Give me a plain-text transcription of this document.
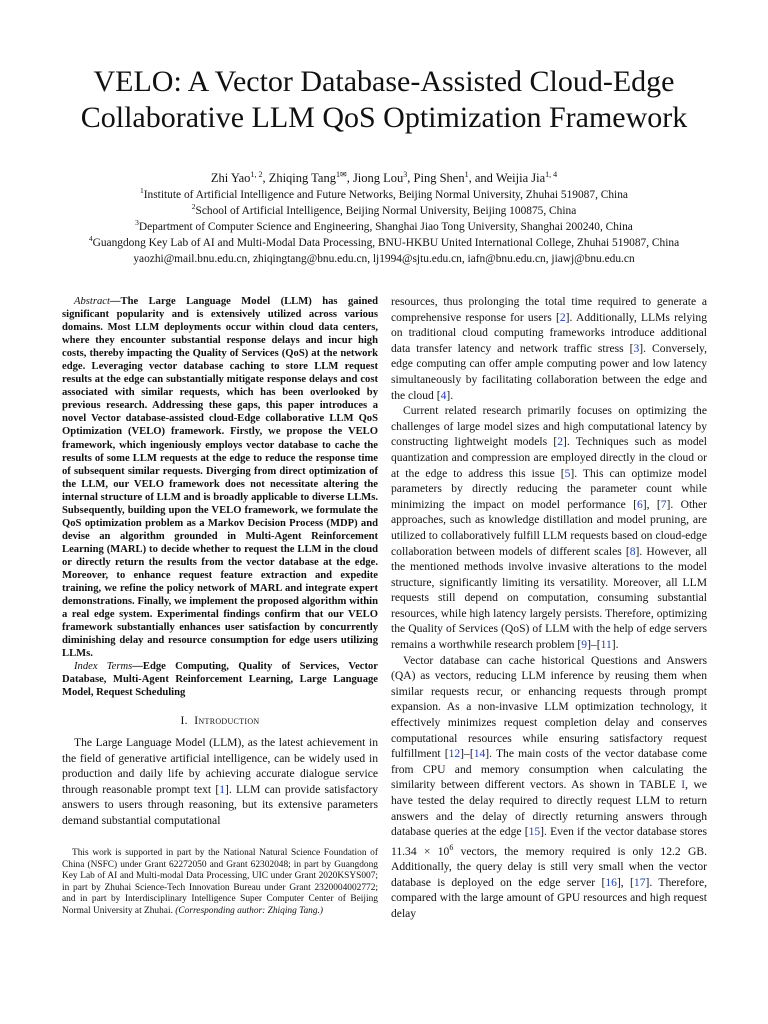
VELO: A Vector Database-Assisted Cloud-Edge
Collaborative LLM QoS Optimization Framework
Zhi Yao$^{1, 2}$, Zhiqing Tang$^{1✉}$, Jiong Lou$^3$, Ping Shen$^1$, and Weijia Jia$^{1, 4}$
$^1$Institute of Artificial Intelligence and Future Networks, Beijing Normal University, Zhuhai 519087, China
$^2$School of Artificial Intelligence, Beijing Normal University, Beijing 100875, China
$^3$Department of Computer Science and Engineering, Shanghai Jiao Tong University, Shanghai 200240, China
$^4$Guangdong Key Lab of AI and Multi-Modal Data Processing, BNU-HKBU United International College, Zhuhai 519087, China
yaozhi@mail.bnu.edu.cn, zhiqingtang@bnu.edu.cn, lj1994@sjtu.edu.cn, iafn@bnu.edu.cn, jiawj@bnu.edu.cn

Abstract—The Large Language Model (LLM) has gained significant popularity and is extensively utilized across various domains. Most LLM deployments occur within cloud data centers, where they encounter substantial response delays and incur high costs, thereby impacting the Quality of Services (QoS) at the network edge. Leveraging vector database caching to store LLM request results at the edge can substantially mitigate response delays and cost associated with similar requests, which has been overlooked by previous research. Addressing these gaps, this paper introduces a novel Vector database-assisted cloud-Edge collaborative LLM QoS Optimization (VELO) framework. Firstly, we propose the VELO framework, which ingeniously employs vector database to cache the results of some LLM requests at the edge to reduce the response time of subsequent similar requests. Diverging from direct optimization of the LLM, our VELO framework does not necessitate altering the internal structure of LLM and is broadly applicable to diverse LLMs. Subsequently, building upon the VELO framework, we formulate the QoS optimization problem as a Markov Decision Process (MDP) and devise an algorithm grounded in Multi-Agent Reinforcement Learning (MARL) to decide whether to request the LLM in the cloud or directly return the results from the vector database at the edge. Moreover, to enhance request feature extraction and expedite training, we refine the policy network of MARL and integrate expert demonstrations. Finally, we implement the proposed algorithm within a real edge system. Experimental findings confirm that our VELO framework substantially enhances user satisfaction by concurrently diminishing delay and resource consumption for edge users utilizing LLMs.

Index Terms—Edge Computing, Quality of Services, Vector Database, Multi-Agent Reinforcement Learning, Large Language Model, Request Scheduling

I. Introduction

The Large Language Model (LLM), as the latest achievement in the field of generative artificial intelligence, can be widely used in production and daily life by achieving accurate dialogue service through reasonable prompt text [1]. LLM can provide satisfactory answers to users through reasoning, but its extensive parameters demand substantial computational

This work is supported in part by the National Natural Science Foundation of China (NSFC) under Grant 62272050 and Grant 62302048; in part by Guangdong Key Lab of AI and Multi-modal Data Processing, UIC under Grant 2020KSYS007; in part by Zhuhai Science-Tech Innovation Bureau under Grant 2320004002772; and in part by Interdisciplinary Intelligence Super Computer Center of Beijing Normal University at Zhuhai. (Corresponding author: Zhiqing Tang.)

resources, thus prolonging the total time required to generate a comprehensive response for users [2]. Additionally, LLMs relying on traditional cloud computing frameworks introduce additional data transfer latency and network traffic stress [3]. Conversely, edge computing can offer ample computing power and low latency simultaneously by facilitating collaboration between the edge and the cloud [4].

Current related research primarily focuses on optimizing the challenges of large model sizes and high computational latency by constructing lightweight models [2]. Techniques such as model quantization and compression are employed directly in the cloud or at the edge to address this issue [5]. This can optimize model parameters by directly reducing the parameter count while minimizing the impact on model performance [6], [7]. Other approaches, such as knowledge distillation and model pruning, are utilized to collaboratively fulfill LLM requests based on cloud-edge collaboration between models of different scales [8]. However, all the mentioned methods involve invasive alterations to the model structure, significantly limiting its versatility. Moreover, all LLM requests still depend on computation, consuming substantial resources, while high latency largely persists. Therefore, optimizing the Quality of Services (QoS) of LLM with the help of edge servers remains a worthwhile research problem [9]–[11].

Vector database can cache historical Questions and Answers (QA) as vectors, reducing LLM inference by reusing them when similar requests recur, or enhancing requests through prompt expansion. As a non-invasive LLM optimization technology, it effectively minimizes request completion delay and conserves computational resources while ensuring satisfactory request fulfillment [12]–[14]. The main costs of the vector database come from CPU and memory consumption when calculating the similarity between different vectors. As shown in TABLE I, we have tested the delay required to directly request LLM to return answers and the delay of directly returning answers through database queries at the edge [15]. Even if the vector database stores $11.34 \times 10^6$ vectors, the memory required is only 12.2 GB. Additionally, the query delay is still very small when the vector database is deployed on the edge server [16], [17]. Therefore, compared with the large amount of GPU resources and high request delay
